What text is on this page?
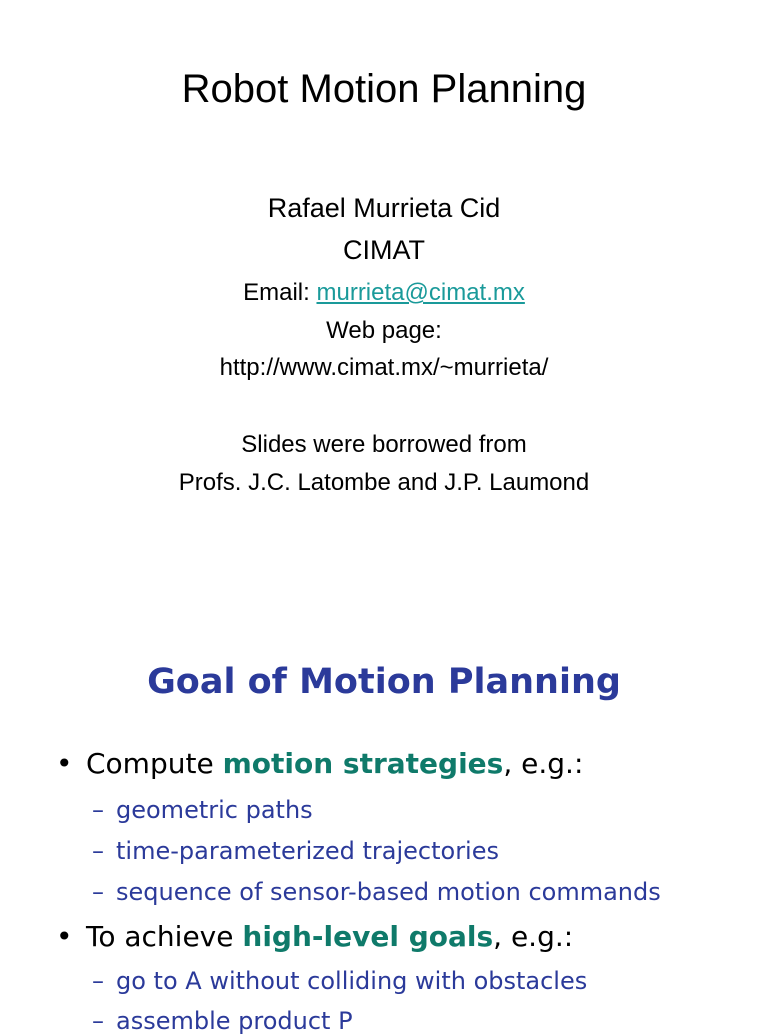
Robot Motion Planning
Rafael Murrieta Cid
CIMAT
Email: murrieta@cimat.mx
Web page:
http://www.cimat.mx/~murrieta/
Slides were borrowed from
Profs. J.C. Latombe and J.P. Laumond
Goal of Motion Planning
• Compute motion strategies, e.g.:
– geometric paths
– time-parameterized trajectories
– sequence of sensor-based motion commands
• To achieve high-level goals, e.g.:
– go to A without colliding with obstacles
– assemble product P
